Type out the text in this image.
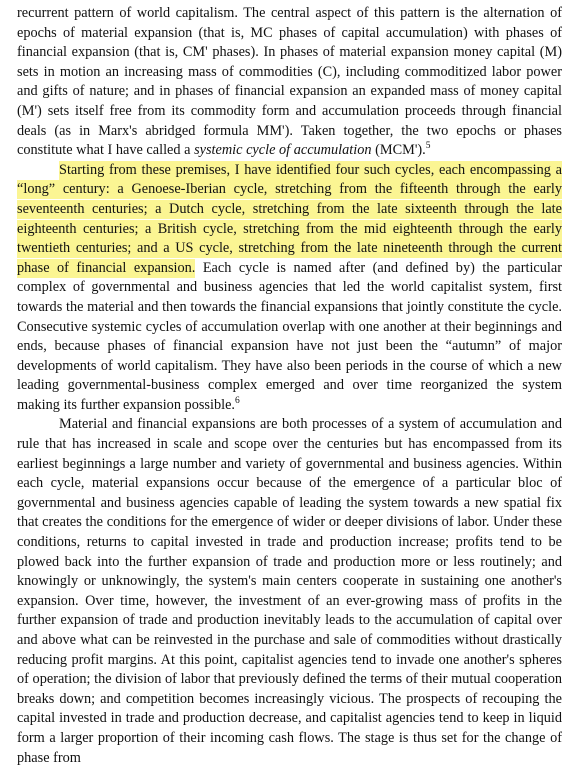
recurrent pattern of world capitalism. The central aspect of this pattern is the alternation of epochs of material expansion (that is, MC phases of capital accumulation) with phases of financial expansion (that is, CM' phases). In phases of material expansion money capital (M) sets in motion an increasing mass of commodities (C), including commoditized labor power and gifts of nature; and in phases of financial expansion an expanded mass of money capital (M') sets itself free from its commodity form and accumulation proceeds through financial deals (as in Marx's abridged formula MM'). Taken together, the two epochs or phases constitute what I have called a systemic cycle of accumulation (MCM').$^5$

Starting from these premises, I have identified four such cycles, each encompassing a “long” century: a Genoese-Iberian cycle, stretching from the fifteenth through the early seventeenth centuries; a Dutch cycle, stretching from the late sixteenth through the late eighteenth centuries; a British cycle, stretching from the mid eighteenth through the early twentieth centuries; and a US cycle, stretching from the late nineteenth through the current phase of financial expansion. Each cycle is named after (and defined by) the particular complex of governmental and business agencies that led the world capitalist system, first towards the material and then towards the financial expansions that jointly constitute the cycle. Consecutive systemic cycles of accumulation overlap with one another at their beginnings and ends, because phases of financial expansion have not just been the “autumn” of major developments of world capitalism. They have also been periods in the course of which a new leading governmental-business complex emerged and over time reorganized the system making its further expansion possible.$^6$

Material and financial expansions are both processes of a system of accumulation and rule that has increased in scale and scope over the centuries but has encompassed from its earliest beginnings a large number and variety of governmental and business agencies. Within each cycle, material expansions occur because of the emergence of a particular bloc of governmental and business agencies capable of leading the system towards a new spatial fix that creates the conditions for the emergence of wider or deeper divisions of labor. Under these conditions, returns to capital invested in trade and production increase; profits tend to be plowed back into the further expansion of trade and production more or less routinely; and knowingly or unknowingly, the system's main centers cooperate in sustaining one another's expansion. Over time, however, the investment of an ever-growing mass of profits in the further expansion of trade and production inevitably leads to the accumulation of capital over and above what can be reinvested in the purchase and sale of commodities without drastically reducing profit margins. At this point, capitalist agencies tend to invade one another's spheres of operation; the division of labor that previously defined the terms of their mutual cooperation breaks down; and competition becomes increasingly vicious. The prospects of recouping the capital invested in trade and production decrease, and capitalist agencies tend to keep in liquid form a larger proportion of their incoming cash flows. The stage is thus set for the change of phase from
